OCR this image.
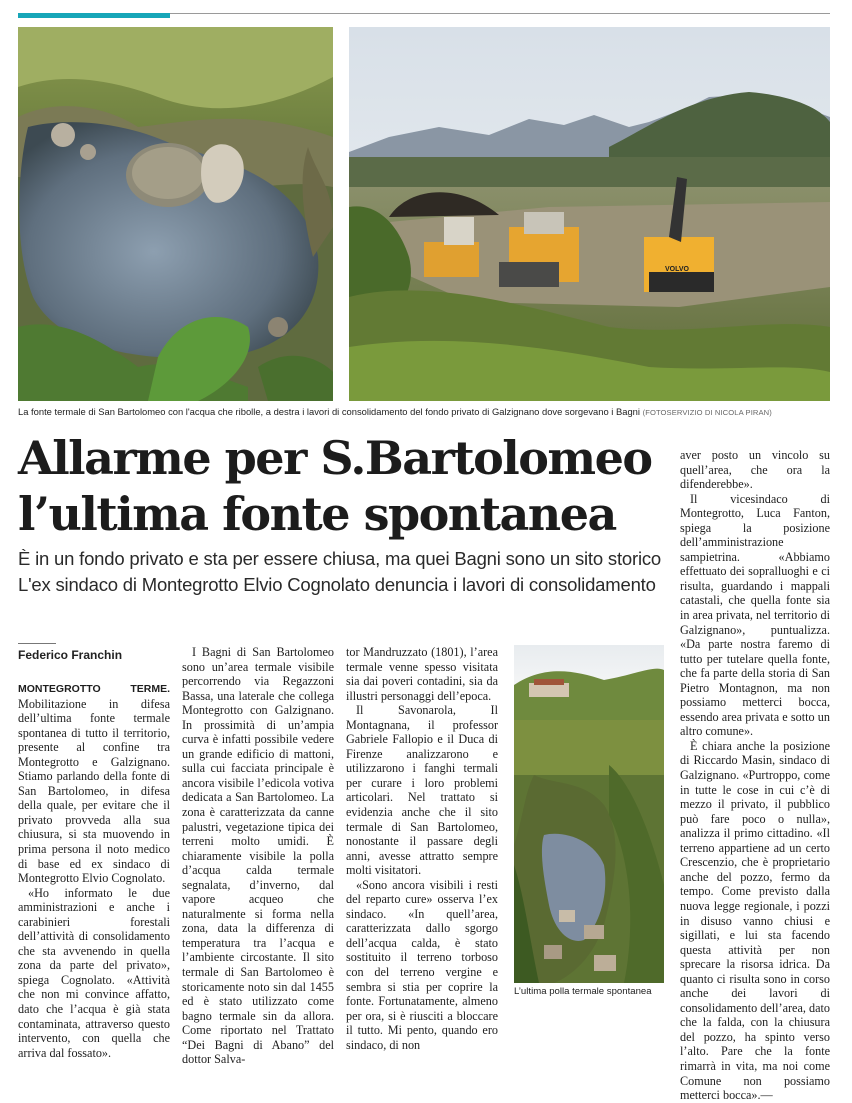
VOLVO
La fonte termale di San Bartolomeo con l'acqua che ribolle, a destra i lavori di consolidamento del fondo privato di Galzignano dove sorgevano i Bagni (FOTOSERVIZIO DI NICOLA PIRAN)
Allarme per S.Bartolomeo
l’ultima fonte spontanea

È in un fondo privato e sta per essere chiusa, ma quei Bagni sono un sito storico
L'ex sindaco di Montegrotto Elvio Cognolato denuncia i lavori di consolidamento

Federico Franchin

MONTEGROTTO TERME. Mobilitazione in difesa dell’ultima fonte termale spontanea di tutto il territorio, presente al confine tra Montegrotto e Galzignano. Stiamo parlando della fonte di San Bartolomeo, in difesa della quale, per evitare che il privato provveda alla sua chiusura, si sta muovendo in prima persona il noto medico di base ed ex sindaco di Montegrotto Elvio Cognolato.

«Ho informato le due amministrazioni e anche i carabinieri forestali dell’attività di consolidamento che sta avvenendo in quella zona da parte del privato», spiega Cognolato. «Attività che non mi convince affatto, dato che l’acqua è già stata contaminata, attraverso questo intervento, con quella che arriva dal fossato».

I Bagni di San Bartolomeo sono un’area termale visibile percorrendo via Regazzoni Bassa, una laterale che collega Montegrotto con Galzignano. In prossimità di un’ampia curva è infatti possibile vedere un grande edificio di mattoni, sulla cui facciata principale è ancora visibile l’edicola votiva dedicata a San Bartolomeo. La zona è caratterizzata da canne palustri, vegetazione tipica dei terreni molto umidi. È chiaramente visibile la polla d’acqua calda termale segnalata, d’inverno, dal vapore acqueo che naturalmente si forma nella zona, data la differenza di temperatura tra l’acqua e l’ambiente circostante. Il sito termale di San Bartolomeo è storicamente noto sin dal 1455 ed è stato utilizzato come bagno termale sin da allora. Come riportato nel Trattato “Dei Bagni di Abano” del dottor Salva-

tor Mandruzzato (1801), l’area termale venne spesso visitata sia dai poveri contadini, sia da illustri personaggi dell’epoca.

Il Savonarola, Il Montagnana, il professor Gabriele Fallopio e il Duca di Firenze analizzarono e utilizzarono i fanghi termali per curare i loro problemi articolari. Nel trattato si evidenzia anche che il sito termale di San Bartolomeo, nonostante il passare degli anni, avesse attratto sempre molti visitatori.

«Sono ancora visibili i resti del reparto cure» osserva l’ex sindaco. «In quell’area, caratterizzata dallo sgorgo dell’acqua calda, è stato sostituito il terreno torboso con del terreno vergine e sembra si stia per coprire la fonte. Fortunatamente, almeno per ora, si è riusciti a bloccare il tutto. Mi pento, quando ero sindaco, di non

L’ultima polla termale spontanea

aver posto un vincolo su quell’area, che ora la difenderebbe».

Il vicesindaco di Montegrotto, Luca Fanton, spiega la posizione dell’amministrazione sampietrina. «Abbiamo effettuato dei sopralluoghi e ci risulta, guardando i mappali catastali, che quella fonte sia in area privata, nel territorio di Galzignano», puntualizza. «Da parte nostra faremo di tutto per tutelare quella fonte, che fa parte della storia di San Pietro Montagnon, ma non possiamo metterci bocca, essendo area privata e sotto un altro comune».

È chiara anche la posizione di Riccardo Masin, sindaco di Galzignano. «Purtroppo, come in tutte le cose in cui c’è di mezzo il privato, il pubblico può fare poco o nulla», analizza il primo cittadino. «Il terreno appartiene ad un certo Crescenzio, che è proprietario anche del pozzo, fermo da tempo. Come previsto dalla nuova legge regionale, i pozzi in disuso vanno chiusi e sigillati, e lui sta facendo questa attività per non sprecare la risorsa idrica. Da quanto ci risulta sono in corso anche dei lavori di consolidamento dell’area, dato che la falda, con la chiusura del pozzo, ha spinto verso l’alto. Pare che la fonte rimarrà in vita, ma noi come Comune non possiamo metterci bocca».—
